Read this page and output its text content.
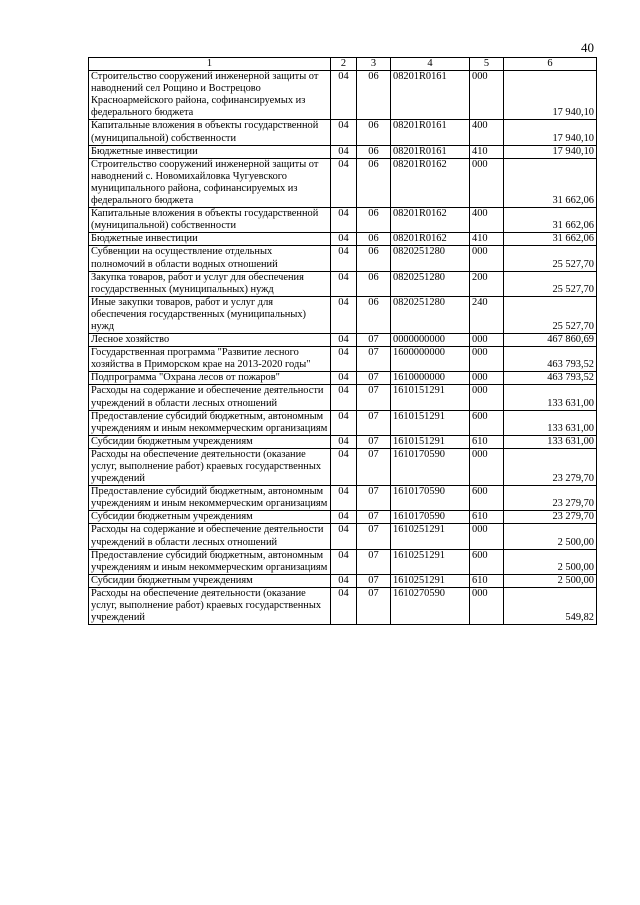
40
1	2	3	4	5	6
Строительство сооружений инженерной защиты от наводнений сел Рощино и Вострецово Красноармейского района, софинансируемых из федерального бюджета	04	06	08201R0161	000	17 940,10
Капитальные вложения в объекты государственной (муниципальной) собственности	04	06	08201R0161	400	17 940,10
Бюджетные инвестиции	04	06	08201R0161	410	17 940,10
Строительство сооружений инженерной защиты от наводнений с. Новомихайловка Чугуевского муниципального района, софинансируемых из федерального бюджета	04	06	08201R0162	000	31 662,06
Капитальные вложения в объекты государственной (муниципальной) собственности	04	06	08201R0162	400	31 662,06
Бюджетные инвестиции	04	06	08201R0162	410	31 662,06
Субвенции на осуществление отдельных полномочий в области водных отношений	04	06	0820251280	000	25 527,70
Закупка товаров, работ и услуг для обеспечения государственных (муниципальных) нужд	04	06	0820251280	200	25 527,70
Иные закупки товаров, работ и услуг для обеспечения государственных (муниципальных) нужд	04	06	0820251280	240	25 527,70
Лесное хозяйство	04	07	0000000000	000	467 860,69
Государственная программа "Развитие лесного хозяйства в Приморском крае на 2013-2020 годы"	04	07	1600000000	000	463 793,52
Подпрограмма "Охрана лесов от пожаров"	04	07	1610000000	000	463 793,52
Расходы на содержание и обеспечение деятельности учреждений в области лесных отношений	04	07	1610151291	000	133 631,00
Предоставление субсидий бюджетным, автономным учреждениям и иным некоммерческим организациям	04	07	1610151291	600	133 631,00
Субсидии бюджетным учреждениям	04	07	1610151291	610	133 631,00
Расходы на обеспечение деятельности (оказание услуг, выполнение работ) краевых государственных учреждений	04	07	1610170590	000	23 279,70
Предоставление субсидий бюджетным, автономным учреждениям и иным некоммерческим организациям	04	07	1610170590	600	23 279,70
Субсидии бюджетным учреждениям	04	07	1610170590	610	23 279,70
Расходы на содержание и обеспечение деятельности учреждений в области лесных отношений	04	07	1610251291	000	2 500,00
Предоставление субсидий бюджетным, автономным учреждениям и иным некоммерческим организациям	04	07	1610251291	600	2 500,00
Субсидии бюджетным учреждениям	04	07	1610251291	610	2 500,00
Расходы на обеспечение деятельности (оказание услуг, выполнение работ) краевых государственных учреждений	04	07	1610270590	000	549,82
